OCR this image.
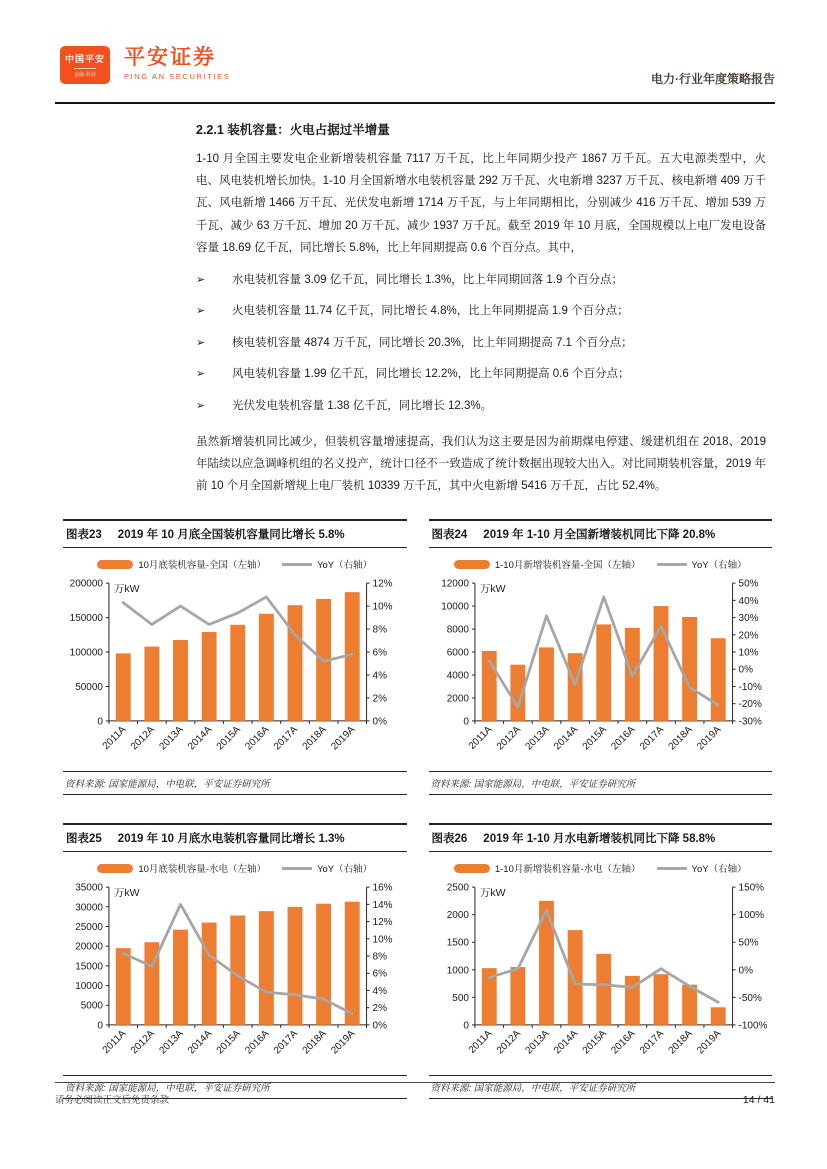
中国平安
金融·科技
平安证券
PING AN SECURITIES	电力·行业年度策略报告
2.2.1 装机容量：火电占据过半增量

1-10 月全国主要发电企业新增装机容量 7117 万千瓦，比上年同期少投产 1867 万千瓦。五大电源类型中，火电、风电装机增长加快。1-10 月全国新增水电装机容量 292 万千瓦、火电新增 3237 万千瓦、核电新增 409 万千瓦、风电新增 1466 万千瓦、光伏发电新增 1714 万千瓦，与上年同期相比，分别减少 416 万千瓦、增加 539 万千瓦、减少 63 万千瓦、增加 20 万千瓦、减少 1937 万千瓦。截至 2019 年 10 月底，全国规模以上电厂发电设备容量 18.69 亿千瓦，同比增长 5.8%，比上年同期提高 0.6 个百分点。其中，

➢	水电装机容量 3.09 亿千瓦，同比增长 1.3%，比上年同期回落 1.9 个百分点；
➢	火电装机容量 11.74 亿千瓦，同比增长 4.8%，比上年同期提高 1.9 个百分点；
➢	核电装机容量 4874 万千瓦，同比增长 20.3%，比上年同期提高 7.1 个百分点；
➢	风电装机容量 1.99 亿千瓦，同比增长 12.2%，比上年同期提高 0.6 个百分点；
➢	光伏发电装机容量 1.38 亿千瓦，同比增长 12.3%。

虽然新增装机同比减少，但装机容量增速提高，我们认为这主要是因为前期煤电停建、缓建机组在 2018、2019 年陆续以应急调峰机组的名义投产，统计口径不一致造成了统计数据出现较大出入。对比同期装机容量，2019 年前 10 个月全国新增规上电厂装机 10339 万千瓦，其中火电新增 5416 万千瓦，占比 52.4%。

图表23 2019 年 10 月底全国装机容量同比增长 5.8%
10月底装机容量-全国（左轴）	YoY（右轴）
0
50000
100000
150000
200000
0%
2%
4%
6%
8%
10%
12%
2011A 2012A 2013A 2014A 2015A 2016A 2017A 2018A 2019A
万kW
资料来源: 国家能源局，中电联，平安证券研究所
图表24 2019 年 1-10 月全国新增装机同比下降 20.8%
1-10月新增装机容量-全国（左轴）	YoY（右轴）
0
2000
4000
6000
8000
10000
12000
-30%
-20%
-10%
0%
10%
20%
30%
40%
50%
2011A 2012A 2013A 2014A 2015A 2016A 2017A 2018A 2019A
万kW
资料来源: 国家能源局，中电联，平安证券研究所
图表25 2019 年 10 月底水电装机容量同比增长 1.3%
10月底装机容量-水电（左轴）	YoY（右轴）
0
5000
10000
15000
20000
25000
30000
35000
0%
2%
4%
6%
8%
10%
12%
14%
16%
2011A 2012A 2013A 2014A 2015A 2016A 2017A 2018A 2019A
万kW
资料来源: 国家能源局，中电联，平安证券研究所
图表26 2019 年 1-10 月水电新增装机同比下降 58.8%
1-10月新增装机容量-水电（左轴）	YoY（右轴）
0
500
1000
1500
2000
2500
-100%
-50%
0%
50%
100%
150%
2011A 2012A 2013A 2014A 2015A 2016A 2017A 2018A 2019A
万kW
资料来源: 国家能源局，中电联，平安证券研究所
请务必阅读正文后免责条款	14 / 41
